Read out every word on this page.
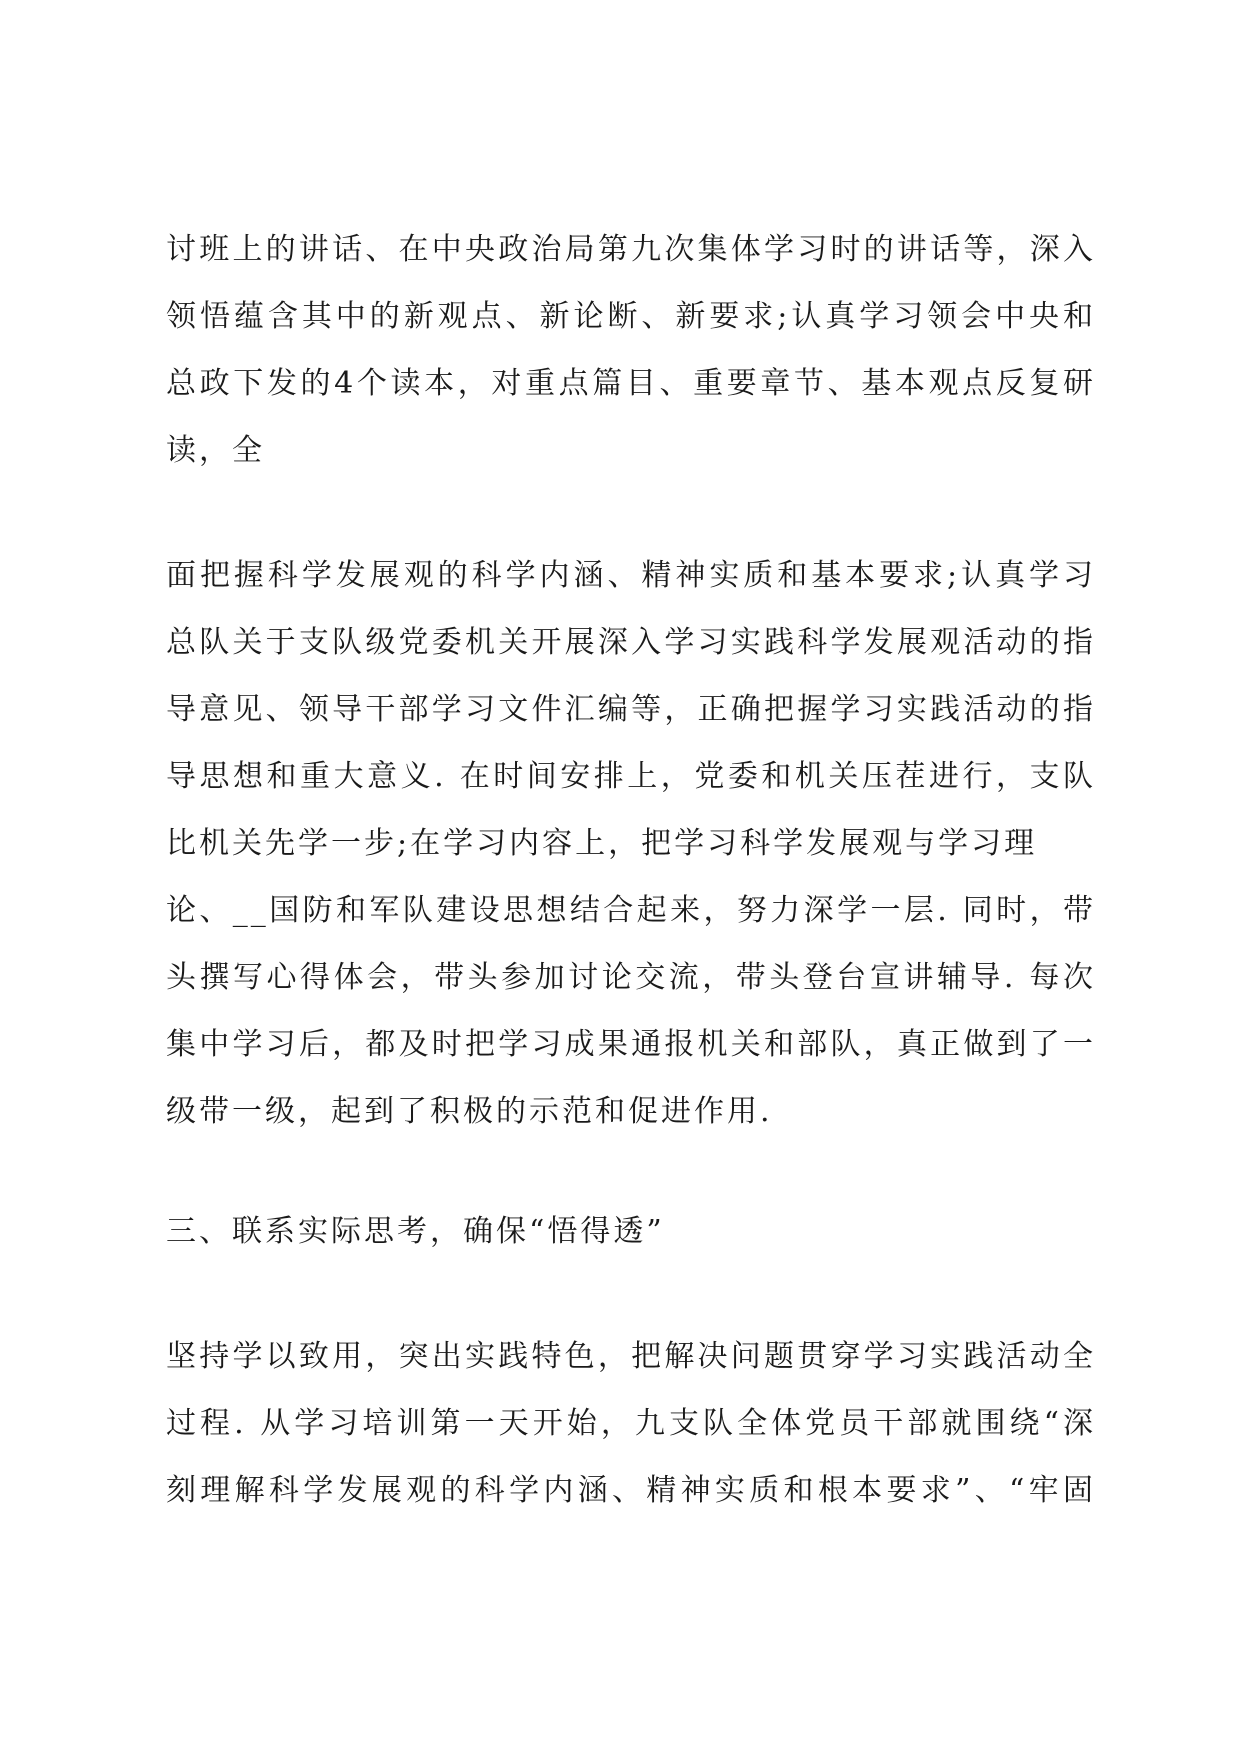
讨班上的讲话、在中央政治局第九次集体学习时的讲话等，深入
领悟蕴含其中的新观点、新论断、新要求;认真学习领会中央和
总政下发的4个读本，对重点篇目、重要章节、基本观点反复研
读，全
面把握科学发展观的科学内涵、精神实质和基本要求;认真学习
总队关于支队级党委机关开展深入学习实践科学发展观活动的指
导意见、领导干部学习文件汇编等，正确把握学习实践活动的指
导思想和重大意义. 在时间安排上，党委和机关压茬进行，支队
比机关先学一步;在学习内容上，把学习科学发展观与学习理
论、__国防和军队建设思想结合起来，努力深学一层. 同时，带
头撰写心得体会，带头参加讨论交流，带头登台宣讲辅导. 每次
集中学习后，都及时把学习成果通报机关和部队，真正做到了一
级带一级，起到了积极的示范和促进作用.
三、联系实际思考，确保“悟得透”
坚持学以致用，突出实践特色，把解决问题贯穿学习实践活动全
过程. 从学习培训第一天开始，九支队全体党员干部就围绕“深
刻理解科学发展观的科学内涵、精神实质和根本要求”、“牢固
